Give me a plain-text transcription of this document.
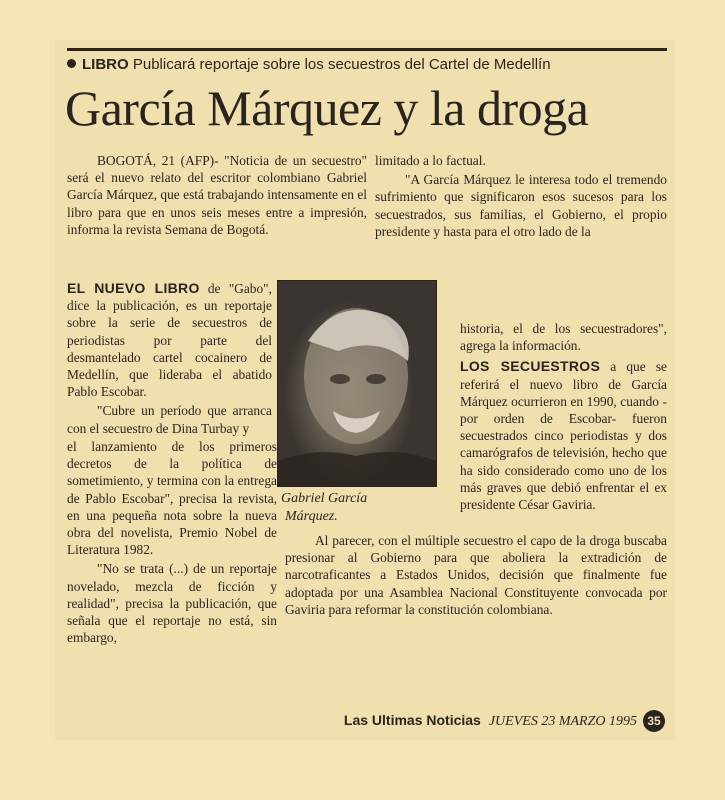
LIBRO Publicará reportaje sobre los secuestros del Cartel de Medellín
García Márquez y la droga

BOGOTÁ, 21 (AFP)- "Noticia de un secuestro" será el nuevo relato del escritor colombiano Gabriel García Márquez, que está trabajando intensamente en el libro para que en unos seis meses entre a impresión, informa la revista Semana de Bogotá.

EL NUEVO LIBRO de "Gabo", dice la publicación, es un reportaje sobre la serie de secuestros de periodistas por parte del desmantelado cartel cocainero de Medellín, que lideraba el abatido Pablo Escobar.

"Cubre un período que arranca con el secuestro de Dina Turbay y

Gabriel García
Márquez.

el lanzamiento de los primeros decretos de la política de sometimiento, y termina con la entrega de Pablo Escobar", precisa la revista, en una pequeña nota sobre la nueva obra del novelista, Premio Nobel de Literatura 1982.

"No se trata (...) de un reportaje novelado, mezcla de ficción y realidad", precisa la publicación, que señala que el reportaje no está, sin embargo,

limitado a lo factual.

"A García Márquez le interesa todo el tremendo sufrimiento que significaron esos sucesos para los secuestrados, sus familias, el Gobierno, el propio presidente y hasta para el otro lado de la

historia, el de los secuestradores", agrega la información.

LOS SECUESTROS a que se referirá el nuevo libro de García Márquez ocurrieron en 1990, cuando -por orden de Escobar- fueron secuestrados cinco periodistas y dos camarógrafos de televisión, hecho que ha sido considerado como uno de los más graves que debió enfrentar el ex presidente César Gaviria.

Al parecer, con el múltiple secuestro el capo de la droga buscaba presionar al Gobierno para que aboliera la extradición de narcotraficantes a Estados Unidos, decisión que finalmente fue adoptada por una Asamblea Nacional Constituyente convocada por Gaviria para reformar la constitución colombiana.

Las Ultimas Noticias JUEVES 23 MARZO 1995 35
